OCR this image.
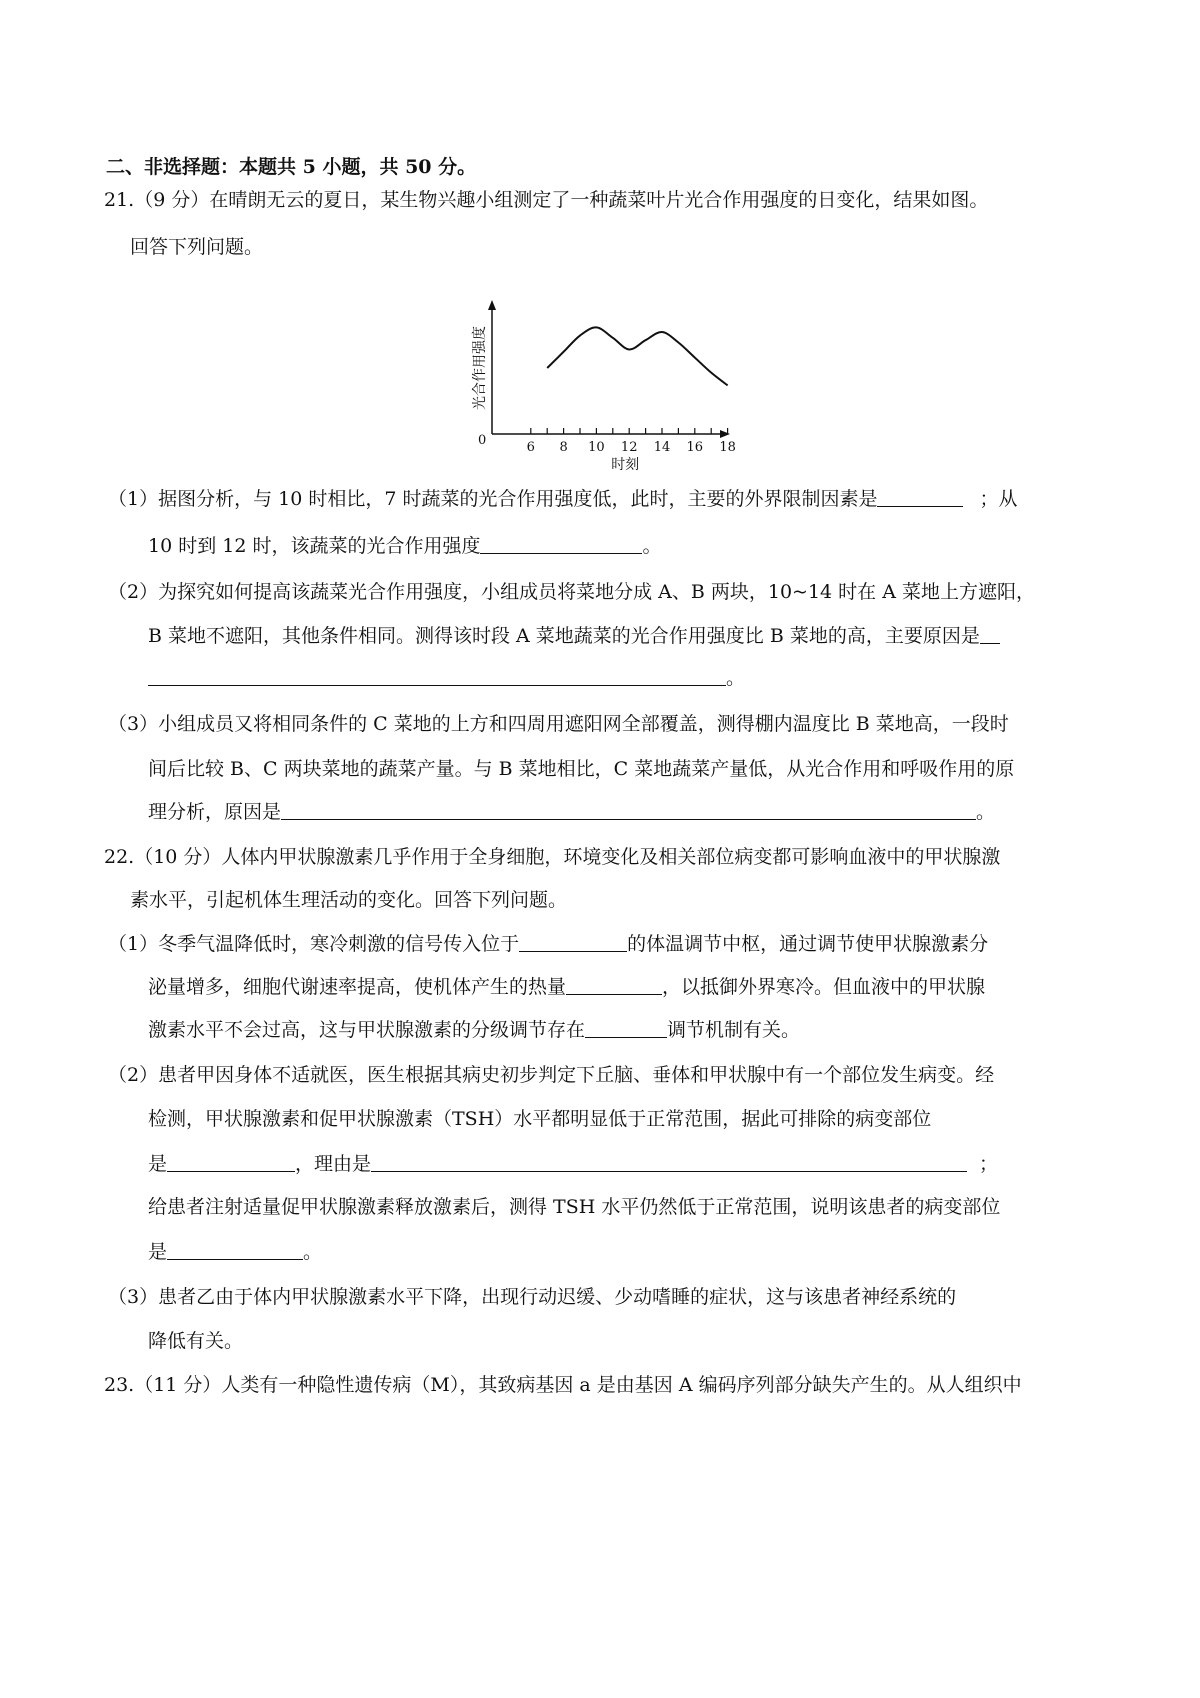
二、非选择题：本题共 5 小题，共 50 分。
21.（9 分）在晴朗无云的夏日，某生物兴趣小组测定了一种蔬菜叶片光合作用强度的日变化，结果如图。
回答下列问题。
6 8 10 12 14 16 18
光合作用强度
时刻
0
（1）据图分析，与 10 时相比，7 时蔬菜的光合作用强度低，此时，主要的外界限制因素是	；从
10 时到 12 时，该蔬菜的光合作用强度	。
（2）为探究如何提高该蔬菜光合作用强度，小组成员将菜地分成 A、B 两块，10~14 时在 A 菜地上方遮阳，
B 菜地不遮阳，其他条件相同。测得该时段 A 菜地蔬菜的光合作用强度比 B 菜地的高，主要原因是
。
（3）小组成员又将相同条件的 C 菜地的上方和四周用遮阳网全部覆盖，测得棚内温度比 B 菜地高，一段时
间后比较 B、C 两块菜地的蔬菜产量。与 B 菜地相比，C 菜地蔬菜产量低，从光合作用和呼吸作用的原
理分析，原因是	。
22.（10 分）人体内甲状腺激素几乎作用于全身细胞，环境变化及相关部位病变都可影响血液中的甲状腺激
素水平，引起机体生理活动的变化。回答下列问题。
（1）冬季气温降低时，寒冷刺激的信号传入位于	的体温调节中枢，通过调节使甲状腺激素分
泌量增多，细胞代谢速率提高，使机体产生的热量	，以抵御外界寒冷。但血液中的甲状腺
激素水平不会过高，这与甲状腺激素的分级调节存在	调节机制有关。
（2）患者甲因身体不适就医，医生根据其病史初步判定下丘脑、垂体和甲状腺中有一个部位发生病变。经
检测，甲状腺激素和促甲状腺激素（TSH）水平都明显低于正常范围，据此可排除的病变部位
是	，理由是	；
给患者注射适量促甲状腺激素释放激素后，测得 TSH 水平仍然低于正常范围，说明该患者的病变部位
是	。
（3）患者乙由于体内甲状腺激素水平下降，出现行动迟缓、少动嗜睡的症状，这与该患者神经系统的
降低有关。
23.（11 分）人类有一种隐性遗传病（M），其致病基因 a 是由基因 A 编码序列部分缺失产生的。从人组织中
